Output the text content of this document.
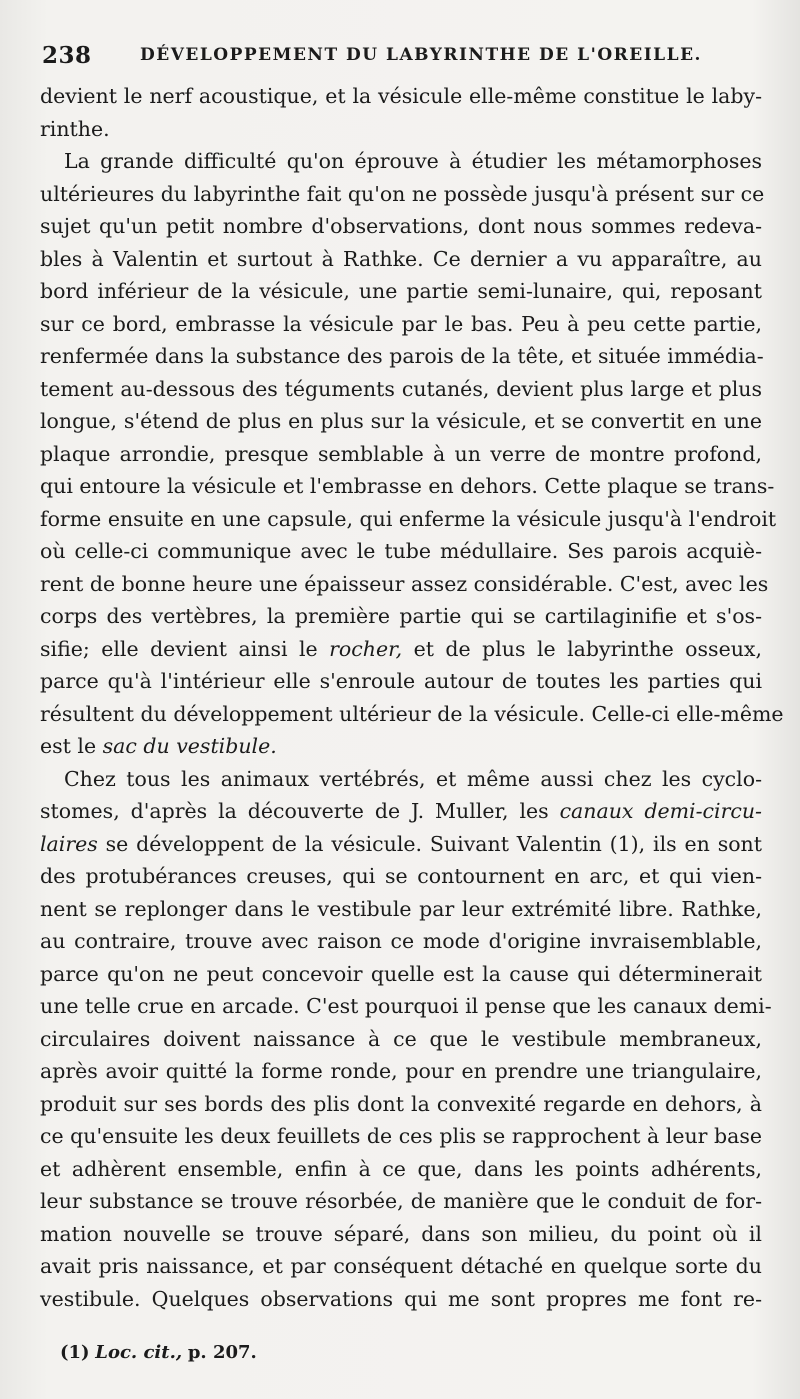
238	DÉVELOPPEMENT DU LABYRINTHE DE L'OREILLE.
devient le nerf acoustique, et la vésicule elle-même constitue le laby-
rinthe.
La grande difficulté qu'on éprouve à étudier les métamorphoses
ultérieures du labyrinthe fait qu'on ne possède jusqu'à présent sur ce
sujet qu'un petit nombre d'observations, dont nous sommes redeva-
bles à Valentin et surtout à Rathke. Ce dernier a vu apparaître, au
bord inférieur de la vésicule, une partie semi-lunaire, qui, reposant
sur ce bord, embrasse la vésicule par le bas. Peu à peu cette partie,
renfermée dans la substance des parois de la tête, et située immédia-
tement au-dessous des téguments cutanés, devient plus large et plus
longue, s'étend de plus en plus sur la vésicule, et se convertit en une
plaque arrondie, presque semblable à un verre de montre profond,
qui entoure la vésicule et l'embrasse en dehors. Cette plaque se trans-
forme ensuite en une capsule, qui enferme la vésicule jusqu'à l'endroit
où celle-ci communique avec le tube médullaire. Ses parois acquiè-
rent de bonne heure une épaisseur assez considérable. C'est, avec les
corps des vertèbres, la première partie qui se cartilaginifie et s'os-
sifie; elle devient ainsi le rocher, et de plus le labyrinthe osseux,
parce qu'à l'intérieur elle s'enroule autour de toutes les parties qui
résultent du développement ultérieur de la vésicule. Celle-ci elle-même
est le sac du vestibule.
Chez tous les animaux vertébrés, et même aussi chez les cyclo-
stomes, d'après la découverte de J. Muller, les canaux demi-circu-
laires se développent de la vésicule. Suivant Valentin (1), ils en sont
des protubérances creuses, qui se contournent en arc, et qui vien-
nent se replonger dans le vestibule par leur extrémité libre. Rathke,
au contraire, trouve avec raison ce mode d'origine invraisemblable,
parce qu'on ne peut concevoir quelle est la cause qui déterminerait
une telle crue en arcade. C'est pourquoi il pense que les canaux demi-
circulaires doivent naissance à ce que le vestibule membraneux,
après avoir quitté la forme ronde, pour en prendre une triangulaire,
produit sur ses bords des plis dont la convexité regarde en dehors, à
ce qu'ensuite les deux feuillets de ces plis se rapprochent à leur base
et adhèrent ensemble, enfin à ce que, dans les points adhérents,
leur substance se trouve résorbée, de manière que le conduit de for-
mation nouvelle se trouve séparé, dans son milieu, du point où il
avait pris naissance, et par conséquent détaché en quelque sorte du
vestibule. Quelques observations qui me sont propres me font re-
(1) Loc. cit., p. 207.
